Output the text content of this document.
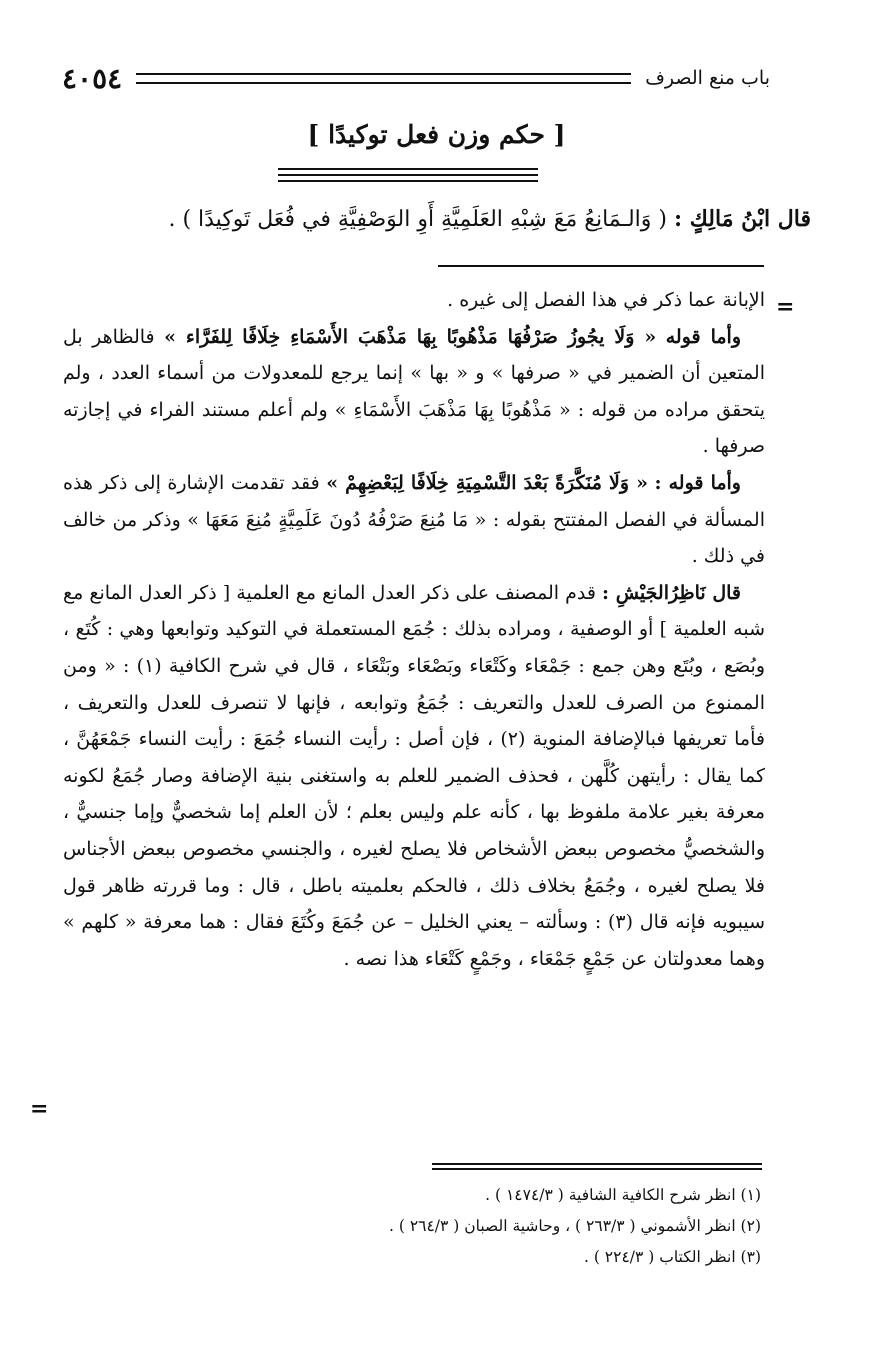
باب منع الصرف
٤٠٥٤
[ حكم وزن فعل توكيدًا ]
قال ابْنُ مَالِكٍ : ( وَالـمَانِعُ مَعَ شِبْهِ العَلَمِيَّةِ أَوِ الوَصْفِيَّةِ في فُعَل تَوكِيدًا ) .
=
=

الإبانة عما ذكر في هذا الفصل إلى غيره .

وأما قوله « وَلَا يجُوزُ صَرْفُهَا مَذْهُوبًا بِهَا مَذْهَبَ الأَسْمَاءِ خِلَافًا لِلفَرَّاء » فالظاهر بل المتعين أن الضمير في « صرفها » و « بها » إنما يرجع للمعدولات من أسماء العدد ، ولم يتحقق مراده من قوله : « مَذْهُوبًا بِهَا مَذْهَبَ الأَسْمَاءِ » ولم أعلم مستند الفراء في إجازته صرفها .

وأما قوله : « وَلَا مُنَكَّرَةً بَعْدَ التَّسْمِيَةِ خِلَافًا لِبَعْضِهِمْ » فقد تقدمت الإشارة إلى ذكر هذه المسألة في الفصل المفتتح بقوله : « مَا مُنِعَ صَرْفُهُ دُونَ عَلَمِيَّةٍ مُنِعَ مَعَهَا » وذكر من خالف في ذلك .

قال نَاظِرُالجَيْشِ : قدم المصنف على ذكر العدل المانع مع العلمية [ ذكر العدل المانع مع شبه العلمية ] أو الوصفية ، ومراده بذلك : جُمَع المستعملة في التوكيد وتوابعها وهي : كُتَع ، وبُصَع ، وبُتَع وهن جمع : جَمْعَاء وكَتْعَاء وبَصْعَاء وبَتْعَاء ، قال في شرح الكافية (١) : « ومن الممنوع من الصرف للعدل والتعريف : جُمَعُ وتوابعه ، فإنها لا تنصرف للعدل والتعريف ، فأما تعريفها فبالإضافة المنوية (٢) ، فإن أصل : رأيت النساء جُمَعَ : رأيت النساء جَمْعَهُنَّ ، كما يقال : رأيتهن كُلَّهن ، فحذف الضمير للعلم به واستغنى بنية الإضافة وصار جُمَعُ لكونه معرفة بغير علامة ملفوظ بها ، كأنه علم وليس بعلم ؛ لأن العلم إما شخصيٌّ وإما جنسيٌّ ، والشخصيُّ مخصوص ببعض الأشخاص فلا يصلح لغيره ، والجنسي مخصوص ببعض الأجناس فلا يصلح لغيره ، وجُمَعُ بخلاف ذلك ، فالحكم بعلميته باطل ، قال : وما قررته ظاهر قول سيبويه فإنه قال (٣) : وسألته – يعني الخليل – عن جُمَعَ وكُتَعَ فقال : هما معرفة « كلهم » وهما معدولتان عن جَمْعٍ جَمْعَاء ، وجَمْعٍ كَتْعَاء هذا نصه .

(١) انظر شرح الكافية الشافية ( ١٤٧٤/٣ ) .
(٢) انظر الأشموني ( ٢٦٣/٣ ) ، وحاشية الصبان ( ٢٦٤/٣ ) .
(٣) انظر الكتاب ( ٢٢٤/٣ ) .
